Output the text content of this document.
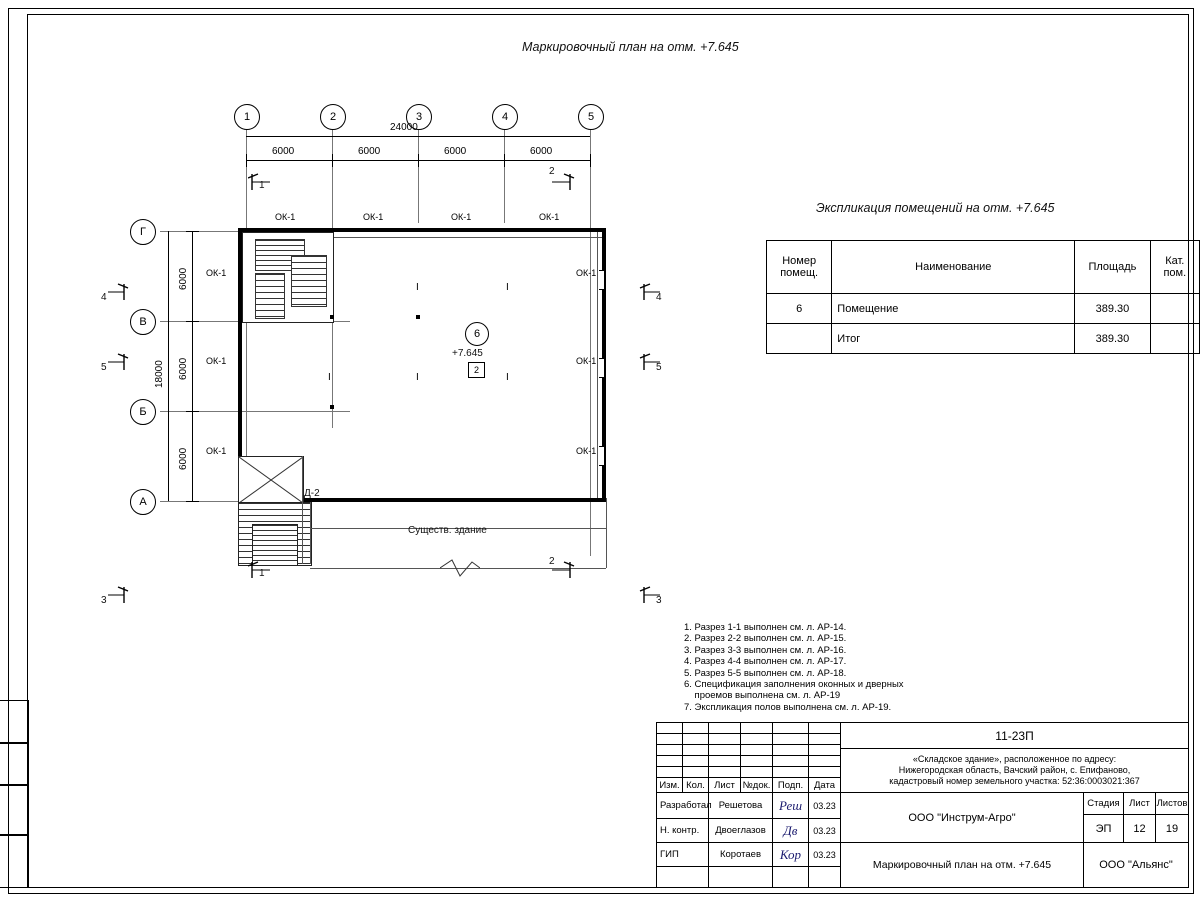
Маркировочный план на отм. +7.645
Экспликация помещений на отм. +7.645
1	2	3	4	5
Г
В
Б
А
24000
6000	6000	6000	6000
18000
6000
6000
6000
Д-2
Существ. здание
I	I
I	I	I
6
+7.645
2
ОК-1	ОК-1	ОК-1	ОК-1
ОК-1
ОК-1
ОК-1
ОК-1
ОК-1
ОК-1
1
2
1
2
4
5
3
4
5
3
Номер помещ.	Наименование	Площадь	Кат. пом.
6	Помещение	389.30	
	Итог	389.30	
1. Разрез 1-1 выполнен см. л. АР-14.
2. Разрез 2-2 выполнен см. л. АР-15.
3. Разрез 3-3 выполнен см. л. АР-16.
4. Разрез 4-4 выполнен см. л. АР-17.
5. Разрез 5-5 выполнен см. л. АР-18.
6. Спецификация заполнения оконных и дверных
проемов выполнена см. л. АР-19
7. Экспликация полов выполнена см. л. АР-19.
Изм. Кол. Лист №док. Подп.	Дата
Разработал Решетова	Реш	03.23
Н. контр.	Двоеглазов	Дв	03.23
ГИП	Коротаев	Кор	03.23
11-23П
«Складское здание», расположенное по адресу:
Нижегородская область, Вачский район, с. Епифаново,
кадастровый номер земельного участка: 52:36:0003021:367
ООО "Инструм-Агро"
Маркировочный план на отм. +7.645
Стадия Лист Листов
ЭП	12	19
ООО "Альянс"
